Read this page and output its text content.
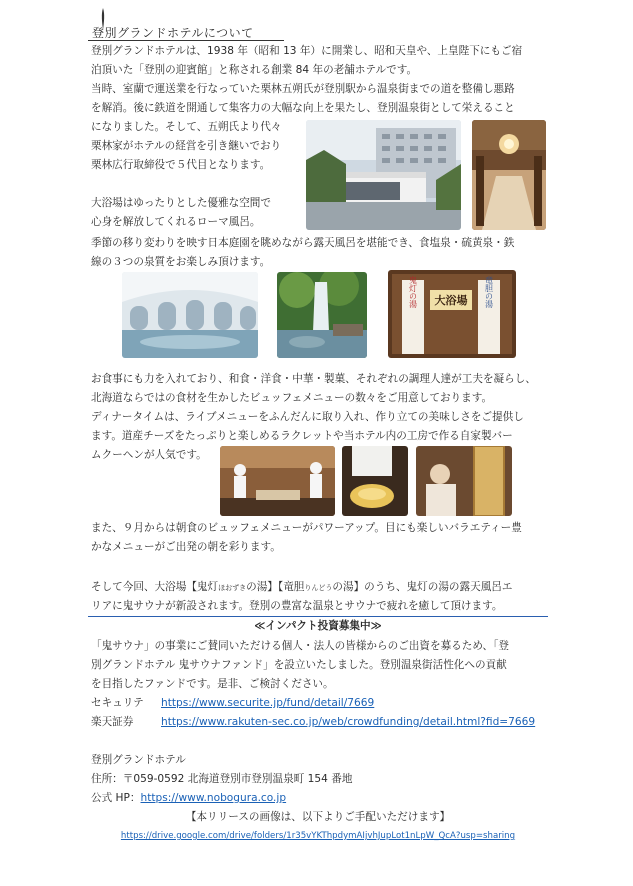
登別グランドホテルについて
登別グランドホテルは、1938 年（昭和 13 年）に開業し、昭和天皇や、上皇陛下にもご宿
泊頂いた「登別の迎賓館」と称される創業 84 年の老舗ホテルです。
当時、室蘭で運送業を行なっていた栗林五朔氏が登別駅から温泉街までの道を整備し悪路
を解消。後に鉄道を開通して集客力の大幅な向上を果たし、登別温泉街として栄えること
になりました。そして、五朔氏より代々
栗林家がホテルの経営を引き継いでおり
栗林広行取締役で５代目となります。
大浴場はゆったりとした優雅な空間で
心身を解放してくれるローマ風呂。
季節の移り変わりを映す日本庭園を眺めながら露天風呂を堪能でき、食塩泉・硫黄泉・鉄
線の３つの泉質をお楽しみ頂けます。
大浴場
鬼灯の湯	竜胆の湯
お食事にも力を入れており、和食・洋食・中華・製菓、それぞれの調理人達が工夫を凝らし、
北海道ならではの食材を生かしたビュッフェメニューの数々をご用意しております。
ディナータイムは、ライブメニューをふんだんに取り入れ、作り立ての美味しさをご提供し
ます。道産チーズをたっぷりと楽しめるラクレットや当ホテル内の工房で作る自家製バー
ムクーヘンが人気です。
また、９月からは朝食のビュッフェメニューがパワーアップ。目にも楽しいバラエティー豊
かなメニューがご出発の朝を彩ります。
そして今回、大浴場【鬼灯ほおずきの湯】【竜胆りんどうの湯】のうち、鬼灯の湯の露天風呂エ
リアに鬼サウナが新設されます。登別の豊富な温泉とサウナで疲れを癒して頂けます。
≪インパクト投資募集中≫
「鬼サウナ」の事業にご賛同いただける個人・法人の皆様からのご出資を募るため、「登
別グランドホテル 鬼サウナファンド」を設立いたしました。登別温泉街活性化への貢献
を目指したファンドです。是非、ご検討ください。
セキュリテ https://www.securite.jp/fund/detail/7669
楽天証券	https://www.rakuten-sec.co.jp/web/crowdfunding/detail.html?fid=7669
登別グランドホテル
住所：〒059-0592 北海道登別市登別温泉町 154 番地
公式 HP：https://www.nobogura.co.jp
【本リリースの画像は、以下よりご手配いただけます】
https://drive.google.com/drive/folders/1r35vYKThpdymAIjvhJupLot1nLpW_QcA?usp=sharing
